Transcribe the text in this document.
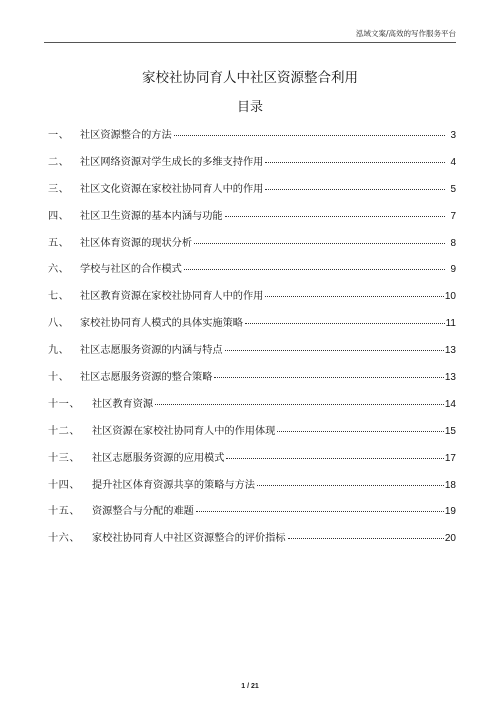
泓域文案/高效的写作服务平台
家校社协同育人中社区资源整合利用
目录
一、	社区资源整合的方法	3
二、	社区网络资源对学生成长的多维支持作用	4
三、	社区文化资源在家校社协同育人中的作用	5
四、	社区卫生资源的基本内涵与功能	7
五、	社区体育资源的现状分析	8
六、	学校与社区的合作模式	9
七、	社区教育资源在家校社协同育人中的作用	10
八、	家校社协同育人模式的具体实施策略	11
九、	社区志愿服务资源的内涵与特点	13
十、	社区志愿服务资源的整合策略	13
十一、	社区教育资源	14
十二、	社区资源在家校社协同育人中的作用体现	15
十三、	社区志愿服务资源的应用模式	17
十四、	提升社区体育资源共享的策略与方法	18
十五、	资源整合与分配的难题	19
十六、	家校社协同育人中社区资源整合的评价指标	20
1 / 21
